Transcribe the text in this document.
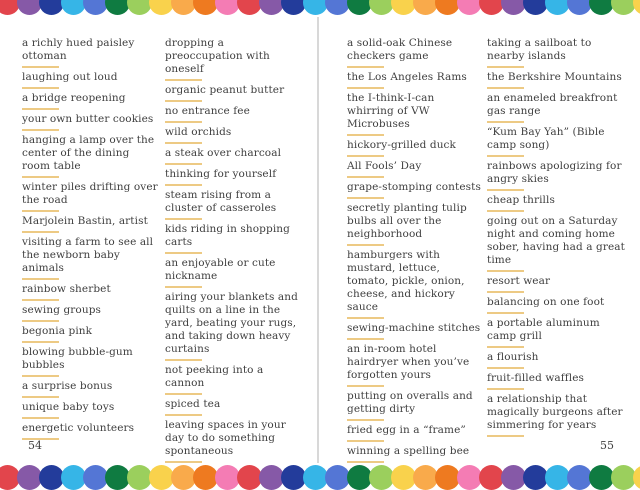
a richly hued paisley ottoman
laughing out loud
a bridge reopening
your own butter cookies
hanging a lamp over the center of the dining room table
winter piles drifting over the road
Marjolein Bastin, artist
visiting a farm to see all the newborn baby animals
rainbow sherbet
sewing groups
begonia pink
blowing bubble-gum bubbles
a surprise bonus
unique baby toys
energetic volunteers
dropping a preoccupation with oneself
organic peanut butter
no entrance fee
wild orchids
a steak over charcoal
thinking for yourself
steam rising from a cluster of casseroles
kids riding in shopping carts
an enjoyable or cute nickname
airing your blankets and quilts on a line in the yard, beating your rugs, and taking down heavy curtains
not peeking into a cannon
spiced tea
leaving spaces in your day to do something spontaneous
a solid-oak Chinese checkers game
the Los Angeles Rams
the I-think-I-can whirring of VW Microbuses
hickory-grilled duck
All Fools’ Day
grape-stomping contests
secretly planting tulip bulbs all over the neighborhood
hamburgers with mustard, lettuce, tomato, pickle, onion, cheese, and hickory sauce
sewing-machine stitches
an in-room hotel hairdryer when you’ve forgotten yours
putting on overalls and getting dirty
fried egg in a “frame”
winning a spelling bee
taking a sailboat to nearby islands
the Berkshire Mountains
an enameled breakfront gas range
“Kum Bay Yah” (Bible camp song)
rainbows apologizing for angry skies
cheap thrills
going out on a Saturday night and coming home sober, having had a great time
resort wear
balancing on one foot
a portable aluminum camp grill
a flourish
fruit-filled waffles
a relationship that magically burgeons after simmering for years
54	55
